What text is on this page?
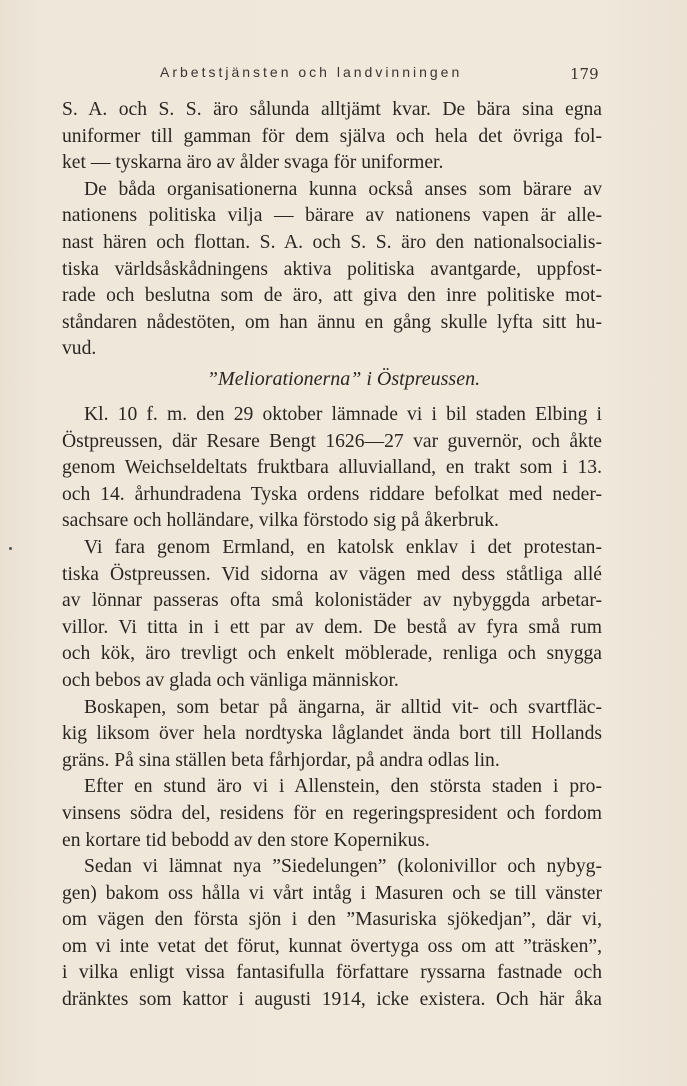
Arbetstjänsten och landvinningen	179
S. A. och S. S. äro sålunda alltjämt kvar. De bära sina egna
uniformer till gamman för dem själva och hela det övriga fol-
ket — tyskarna äro av ålder svaga för uniformer.
De båda organisationerna kunna också anses som bärare av
nationens politiska vilja — bärare av nationens vapen är alle-
nast hären och flottan. S. A. och S. S. äro den nationalsocialis-
tiska världsåskådningens aktiva politiska avantgarde, uppfost-
rade och beslutna som de äro, att giva den inre politiske mot-
ståndaren nådestöten, om han ännu en gång skulle lyfta sitt hu-
vud.
”Meliorationerna” i Östpreussen.
Kl. 10 f. m. den 29 oktober lämnade vi i bil staden Elbing i
Östpreussen, där Resare Bengt 1626—27 var guvernör, och åkte
genom Weichseldeltats fruktbara alluvialland, en trakt som i 13.
och 14. århundradena Tyska ordens riddare befolkat med neder-
sachsare och holländare, vilka förstodo sig på åkerbruk.
Vi fara genom Ermland, en katolsk enklav i det protestan-
tiska Östpreussen. Vid sidorna av vägen med dess ståtliga allé
av lönnar passeras ofta små kolonistäder av nybyggda arbetar-
villor. Vi titta in i ett par av dem. De bestå av fyra små rum
och kök, äro trevligt och enkelt möblerade, renliga och snygga
och bebos av glada och vänliga människor.
Boskapen, som betar på ängarna, är alltid vit- och svartfläc-
kig liksom över hela nordtyska låglandet ända bort till Hollands
gräns. På sina ställen beta fårhjordar, på andra odlas lin.
Efter en stund äro vi i Allenstein, den största staden i pro-
vinsens södra del, residens för en regeringspresident och fordom
en kortare tid bebodd av den store Kopernikus.
Sedan vi lämnat nya ”Siedelungen” (kolonivillor och nybyg-
gen) bakom oss hålla vi vårt intåg i Masuren och se till vänster
om vägen den första sjön i den ”Masuriska sjökedjan”, där vi,
om vi inte vetat det förut, kunnat övertyga oss om att ”träsken”,
i vilka enligt vissa fantasifulla författare ryssarna fastnade och
dränktes som kattor i augusti 1914, icke existera. Och här åka
